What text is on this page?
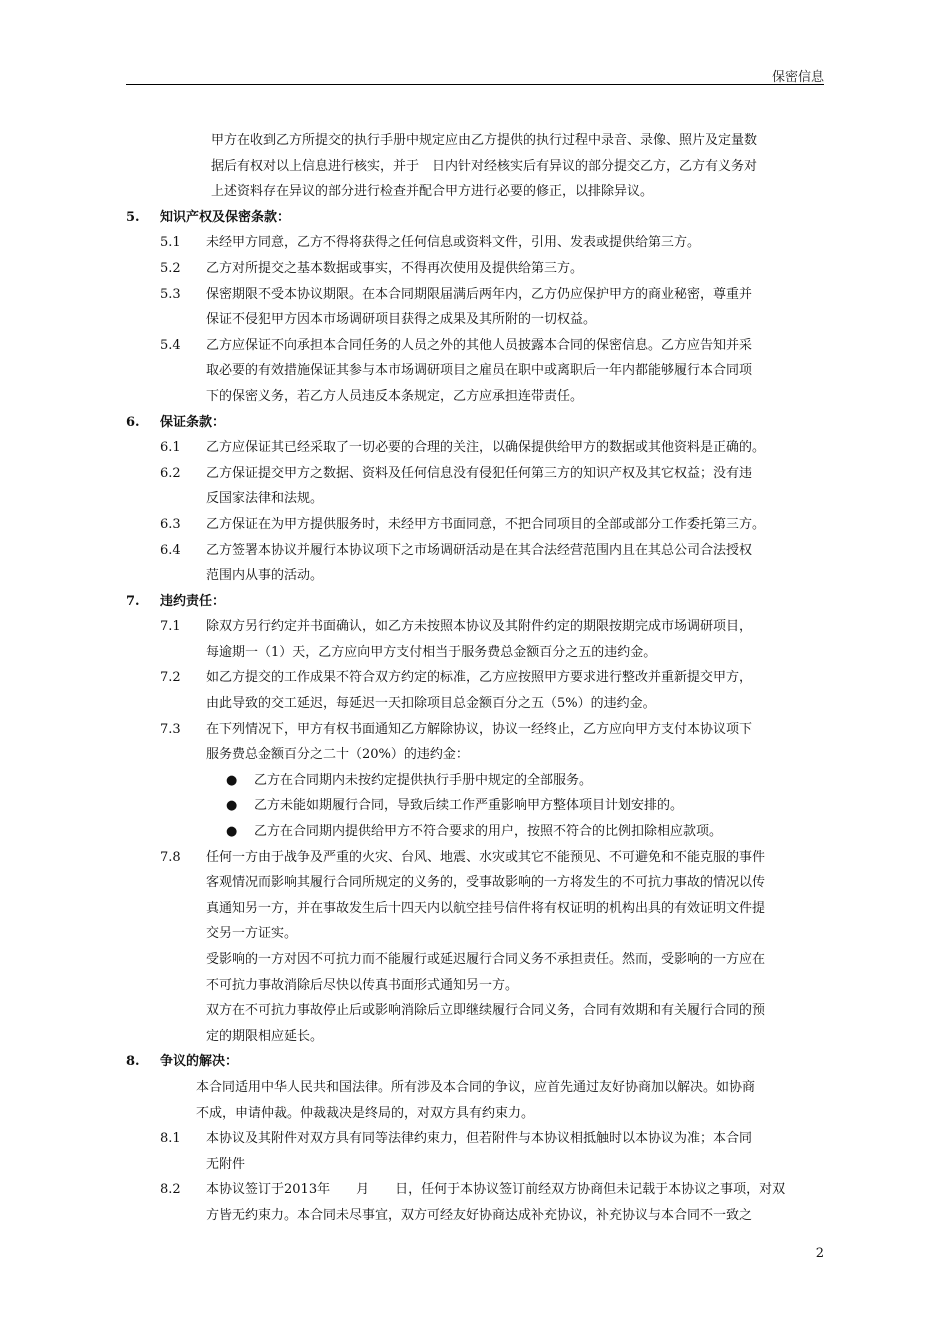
保密信息

甲方在收到乙方所提交的执行手册中规定应由乙方提供的执行过程中录音、录像、照片及定量数

据后有权对以上信息进行核实，并于　日内针对经核实后有异议的部分提交乙方，乙方有义务对

上述资料存在异议的部分进行检查并配合甲方进行必要的修正，以排除异议。

5.	知识产权及保密条款：
5.1	未经甲方同意，乙方不得将获得之任何信息或资料文件，引用、发表或提供给第三方。
5.2	乙方对所提交之基本数据或事实，不得再次使用及提供给第三方。
5.3	保密期限不受本协议期限。在本合同期限届满后两年内，乙方仍应保护甲方的商业秘密，尊重并
保证不侵犯甲方因本市场调研项目获得之成果及其所附的一切权益。
5.4	乙方应保证不向承担本合同任务的人员之外的其他人员披露本合同的保密信息。乙方应告知并采
取必要的有效措施保证其参与本市场调研项目之雇员在职中或离职后一年内都能够履行本合同项
下的保密义务，若乙方人员违反本条规定，乙方应承担连带责任。
6.	保证条款：
6.1	乙方应保证其已经采取了一切必要的合理的关注，以确保提供给甲方的数据或其他资料是正确的。
6.2	乙方保证提交甲方之数据、资料及任何信息没有侵犯任何第三方的知识产权及其它权益；没有违
反国家法律和法规。
6.3	乙方保证在为甲方提供服务时，未经甲方书面同意，不把合同项目的全部或部分工作委托第三方。
6.4	乙方签署本协议并履行本协议项下之市场调研活动是在其合法经营范围内且在其总公司合法授权
范围内从事的活动。
7.	违约责任：
7.1	除双方另行约定并书面确认，如乙方未按照本协议及其附件约定的期限按期完成市场调研项目，
每逾期一（1）天，乙方应向甲方支付相当于服务费总金额百分之五的违约金。
7.2	如乙方提交的工作成果不符合双方约定的标准，乙方应按照甲方要求进行整改并重新提交甲方，
由此导致的交工延迟，每延迟一天扣除项目总金额百分之五（5%）的违约金。
7.3	在下列情况下，甲方有权书面通知乙方解除协议，协议一经终止，乙方应向甲方支付本协议项下
服务费总金额百分之二十（20%）的违约金：
●	乙方在合同期内未按约定提供执行手册中规定的全部服务。
●	乙方未能如期履行合同，导致后续工作严重影响甲方整体项目计划安排的。
●	乙方在合同期内提供给甲方不符合要求的用户，按照不符合的比例扣除相应款项。
7.8	任何一方由于战争及严重的火灾、台风、地震、水灾或其它不能预见、不可避免和不能克服的事件
客观情况而影响其履行合同所规定的义务的，受事故影响的一方将发生的不可抗力事故的情况以传
真通知另一方，并在事故发生后十四天内以航空挂号信件将有权证明的机构出具的有效证明文件提
交另一方证实。
受影响的一方对因不可抗力而不能履行或延迟履行合同义务不承担责任。然而，受影响的一方应在
不可抗力事故消除后尽快以传真书面形式通知另一方。
双方在不可抗力事故停止后或影响消除后立即继续履行合同义务，合同有效期和有关履行合同的预
定的期限相应延长。
8.	争议的解决：

本合同适用中华人民共和国法律。所有涉及本合同的争议，应首先通过友好协商加以解决。如协商

不成，申请仲裁。仲裁裁决是终局的，对双方具有约束力。

8.1	本协议及其附件对双方具有同等法律约束力，但若附件与本协议相抵触时以本协议为准；本合同
无附件
8.2	本协议签订于2013年　　月　　日，任何于本协议签订前经双方协商但未记载于本协议之事项，对双
方皆无约束力。本合同未尽事宜，双方可经友好协商达成补充协议，补充协议与本合同不一致之
2
